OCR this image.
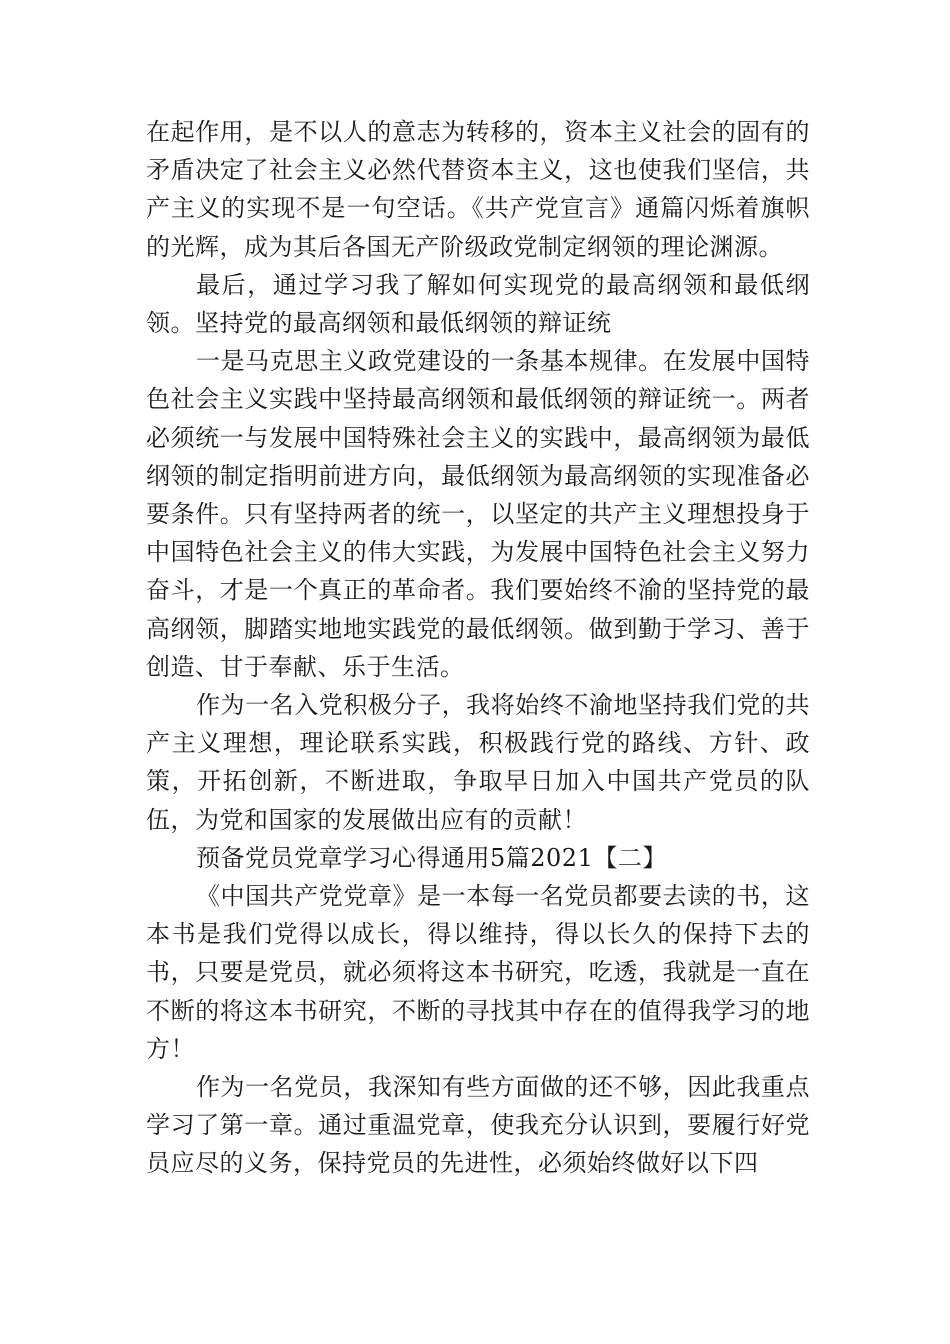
在起作用，是不以人的意志为转移的，资本主义社会的固有的矛盾决定了社会主义必然代替资本主义，这也使我们坚信，共产主义的实现不是一句空话。《共产党宣言》通篇闪烁着旗帜的光辉，成为其后各国无产阶级政党制定纲领的理论渊源。

最后，通过学习我了解如何实现党的最高纲领和最低纲领。坚持党的最高纲领和最低纲领的辩证统

一是马克思主义政党建设的一条基本规律。在发展中国特色社会主义实践中坚持最高纲领和最低纲领的辩证统一。两者必须统一与发展中国特殊社会主义的实践中，最高纲领为最低纲领的制定指明前进方向，最低纲领为最高纲领的实现准备必要条件。只有坚持两者的统一，以坚定的共产主义理想投身于中国特色社会主义的伟大实践，为发展中国特色社会主义努力奋斗，才是一个真正的革命者。我们要始终不渝的坚持党的最高纲领，脚踏实地地实践党的最低纲领。做到勤于学习、善于创造、甘于奉献、乐于生活。

作为一名入党积极分子，我将始终不渝地坚持我们党的共产主义理想，理论联系实践，积极践行党的路线、方针、政策，开拓创新，不断进取，争取早日加入中国共产党员的队伍，为党和国家的发展做出应有的贡献！

预备党员党章学习心得通用5篇2021【二】

《中国共产党党章》是一本每一名党员都要去读的书，这本书是我们党得以成长，得以维持，得以长久的保持下去的书，只要是党员，就必须将这本书研究，吃透，我就是一直在不断的将这本书研究，不断的寻找其中存在的值得我学习的地方！

作为一名党员，我深知有些方面做的还不够，因此我重点学习了第一章。通过重温党章，使我充分认识到，要履行好党员应尽的义务，保持党员的先进性，必须始终做好以下四
